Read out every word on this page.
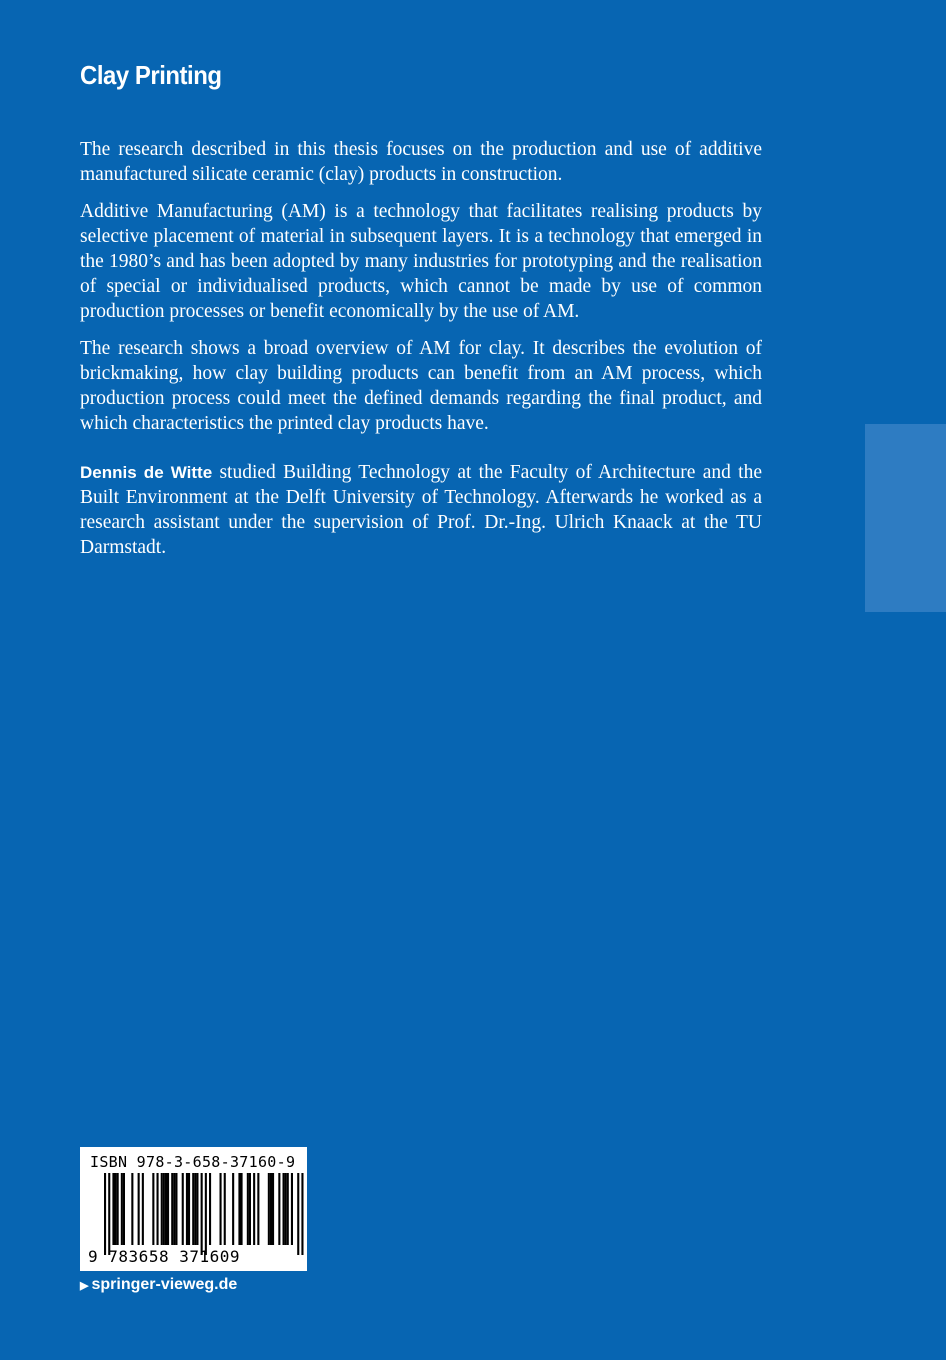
Clay Printing

The research described in this thesis focuses on the production and use of additive manufactured silicate ceramic (clay) products in construction.

Additive Manufacturing (AM) is a technology that facilitates realising products by selective placement of material in subsequent layers. It is a technology that emerged in the 1980’s and has been adopted by many industries for prototyping and the realisation of special or individualised products, which cannot be made by use of common production processes or benefit economically by the use of AM.

The research shows a broad overview of AM for clay. It describes the evolution of brickmaking, how clay building products can benefit from an AM process, which production process could meet the defined demands regarding the final product, and which characteristics the printed clay products have.

Dennis de Witte studied Building Technology at the Faculty of Architecture and the Built Environment at the Delft University of Technology. Afterwards he worked as a research assistant under the supervision of Prof. Dr.-Ing. Ulrich Knaack at the TU Darmstadt.

ISBN 978-3-658-37160-9
9 783658 371609
▶ springer-vieweg.de
